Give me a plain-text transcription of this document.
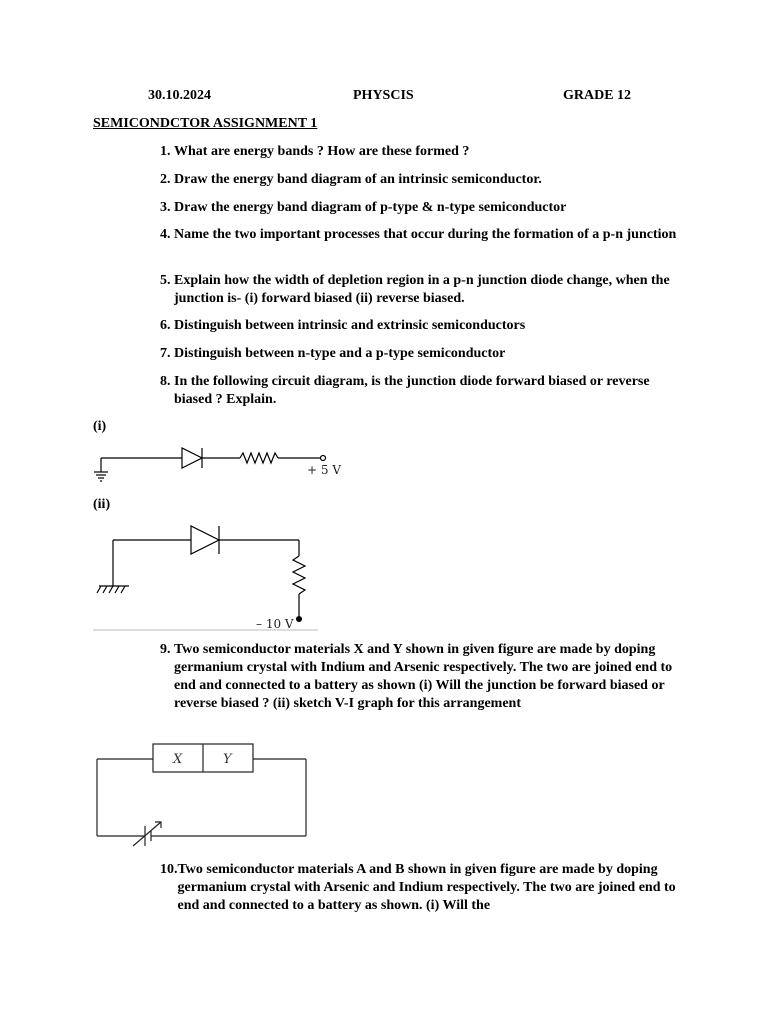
30.10.2024	PHYSCIS	GRADE 12
SEMICONDCTOR ASSIGNMENT 1
1. What are energy bands ? How are these formed ?
2. Draw the energy band diagram of an intrinsic semiconductor.
3. Draw the energy band diagram of p-type & n-type semiconductor
4. Name the two important processes that occur during the formation of a p-n junction
5. Explain how the width of depletion region in a p-n junction diode change, when the junction is- (i) forward biased (ii) reverse biased.
6. Distinguish between intrinsic and extrinsic semiconductors
7. Distinguish between n-type and a p-type semiconductor
8. In the following circuit diagram, is the junction diode forward biased or reverse biased ? Explain.
(i)
+ 5 V
(ii)
– 10 V
9. Two semiconductor materials X and Y shown in given figure are made by doping germanium crystal with Indium and Arsenic respectively. The two are joined end to end and connected to a battery as shown (i) Will the junction be forward biased or reverse biased ? (ii) sketch V-I graph for this arrangement
X	Y
10. Two semiconductor materials A and B shown in given figure are made by doping germanium crystal with Arsenic and Indium respectively. The two are joined end to end and connected to a battery as shown. (i) Will the
